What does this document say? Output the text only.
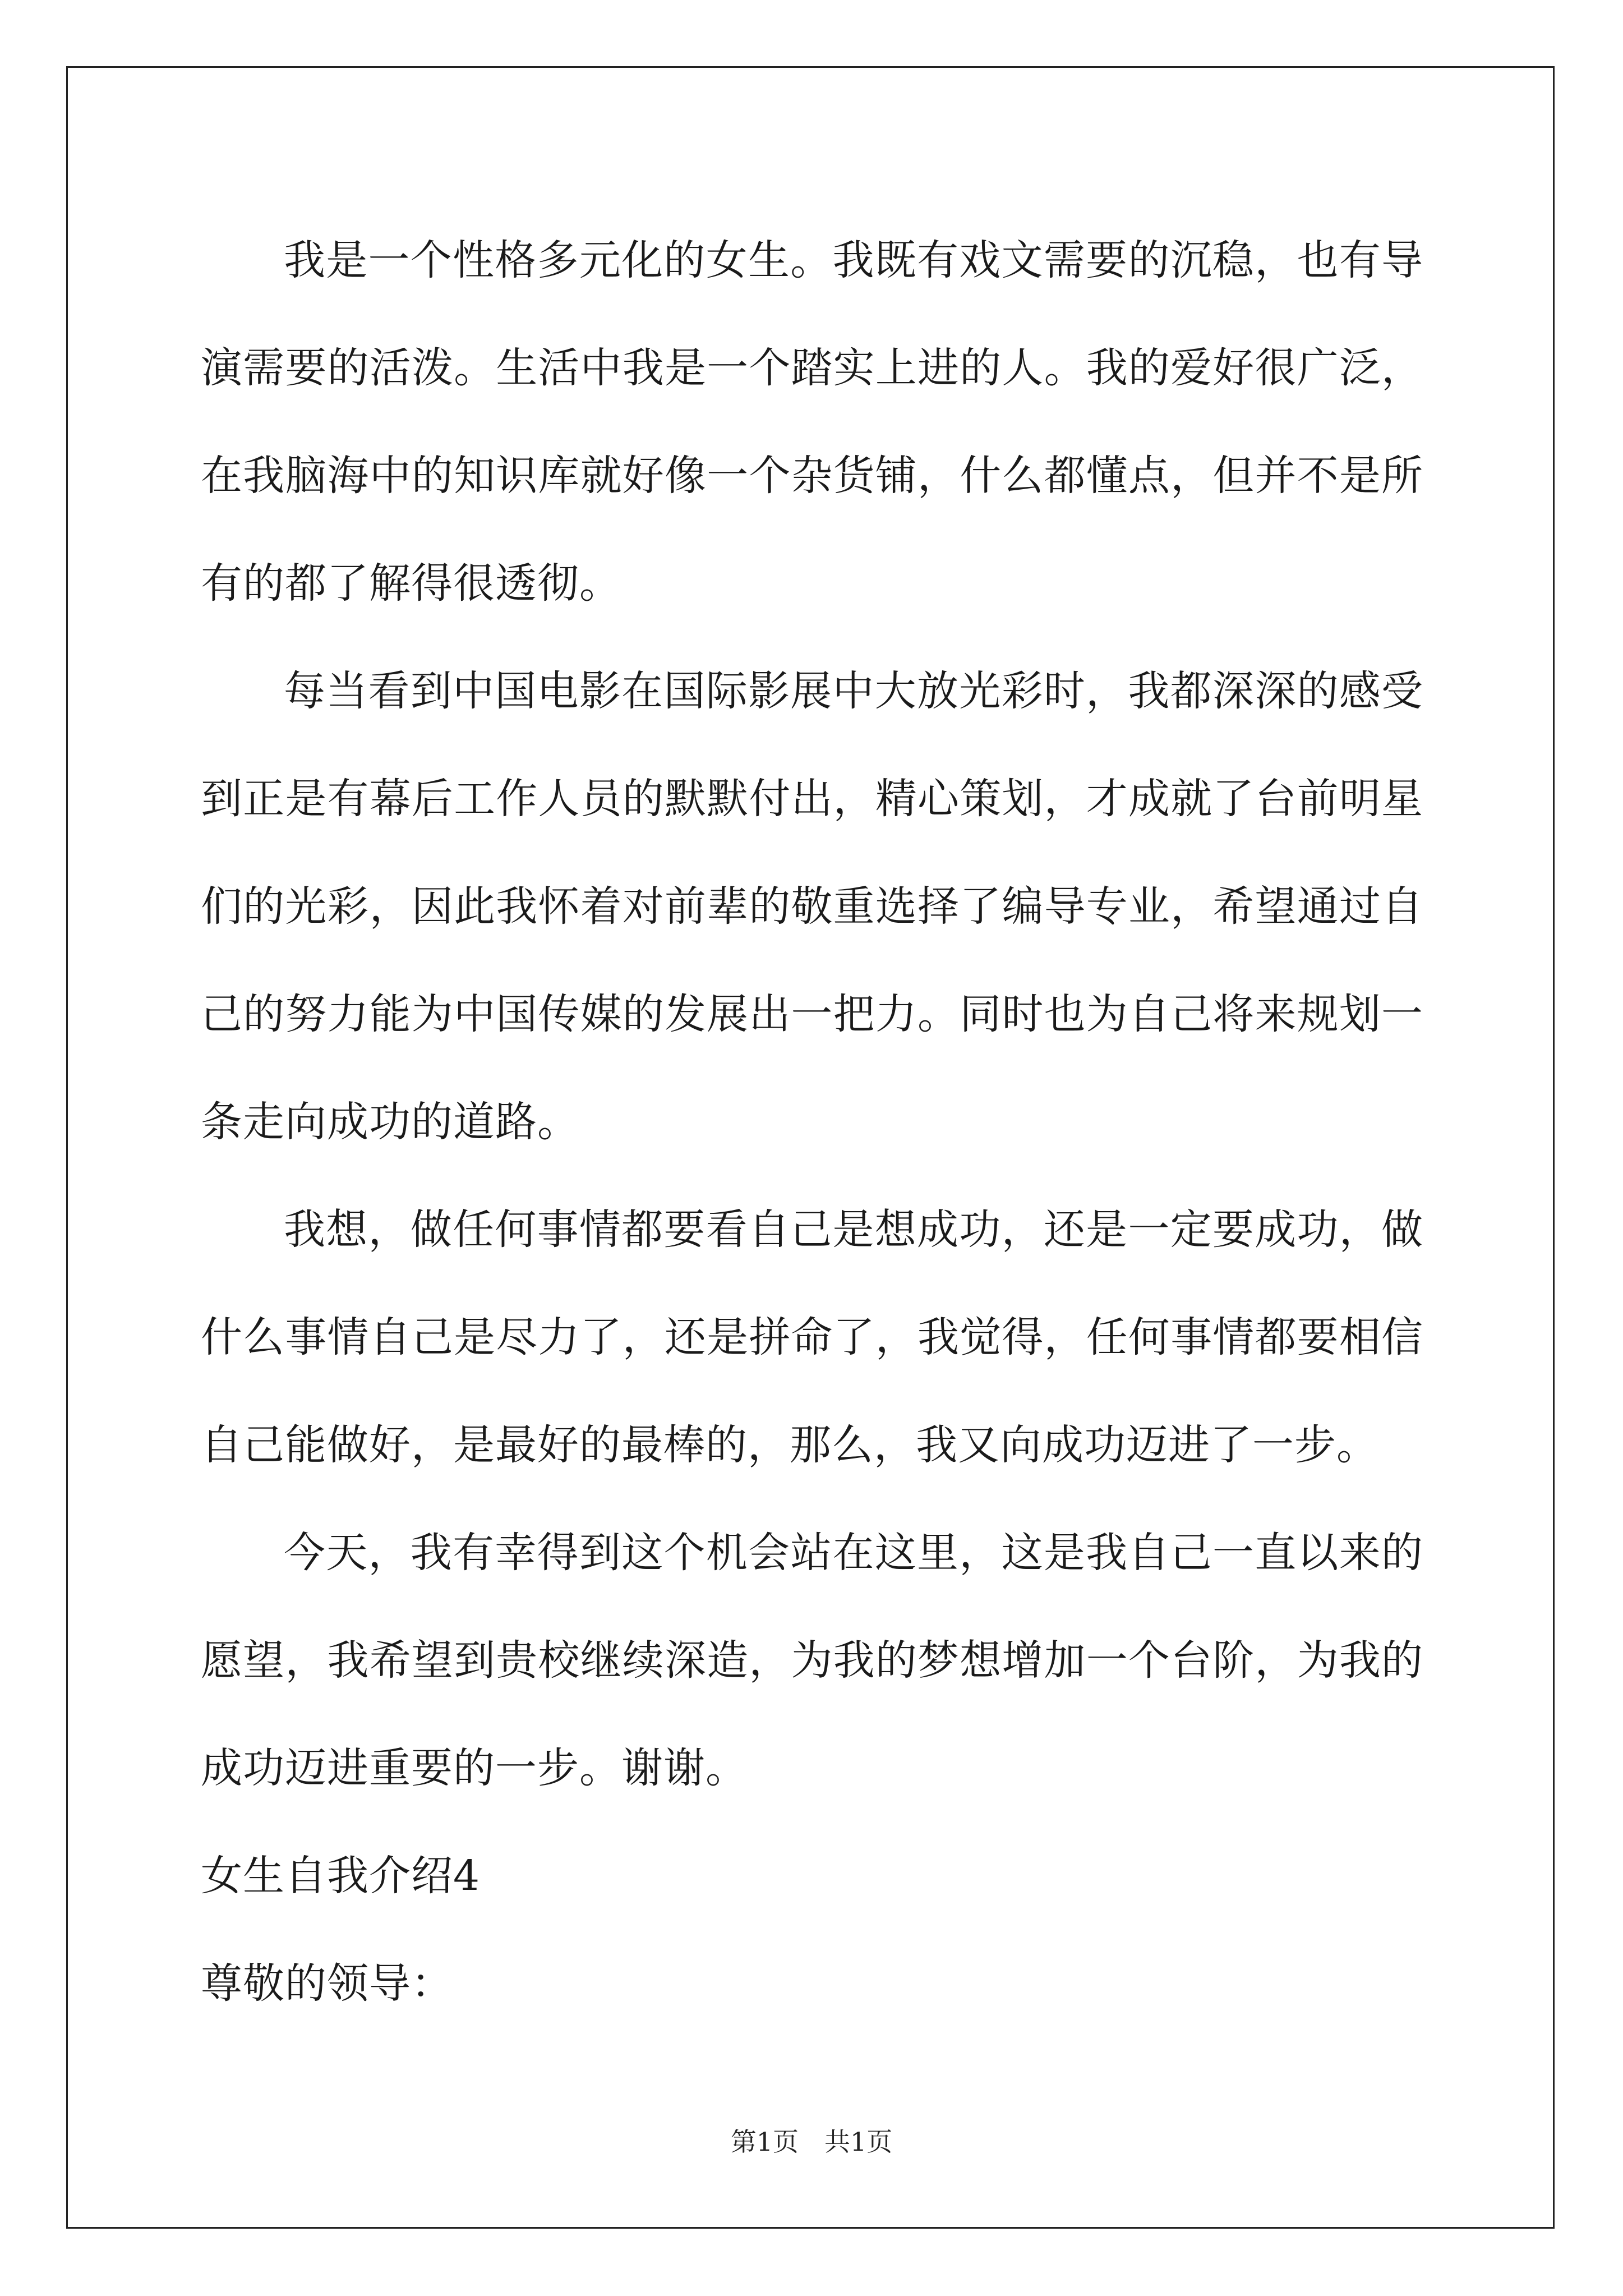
我是一个性格多元化的女生。我既有戏文需要的沉稳，也有导演需要的活泼。生活中我是一个踏实上进的人。我的爱好很广泛，在我脑海中的知识库就好像一个杂货铺，什么都懂点，但并不是所有的都了解得很透彻。

每当看到中国电影在国际影展中大放光彩时，我都深深的感受到正是有幕后工作人员的默默付出，精心策划，才成就了台前明星们的光彩，因此我怀着对前辈的敬重选择了编导专业，希望通过自己的努力能为中国传媒的发展出一把力。同时也为自己将来规划一条走向成功的道路。

我想，做任何事情都要看自己是想成功，还是一定要成功，做什么事情自己是尽力了，还是拼命了，我觉得，任何事情都要相信自己能做好，是最好的最棒的，那么，我又向成功迈进了一步。

今天，我有幸得到这个机会站在这里，这是我自己一直以来的愿望，我希望到贵校继续深造，为我的梦想增加一个台阶，为我的成功迈进重要的一步。谢谢。

女生自我介绍4

尊敬的领导：

第1页 共1页
